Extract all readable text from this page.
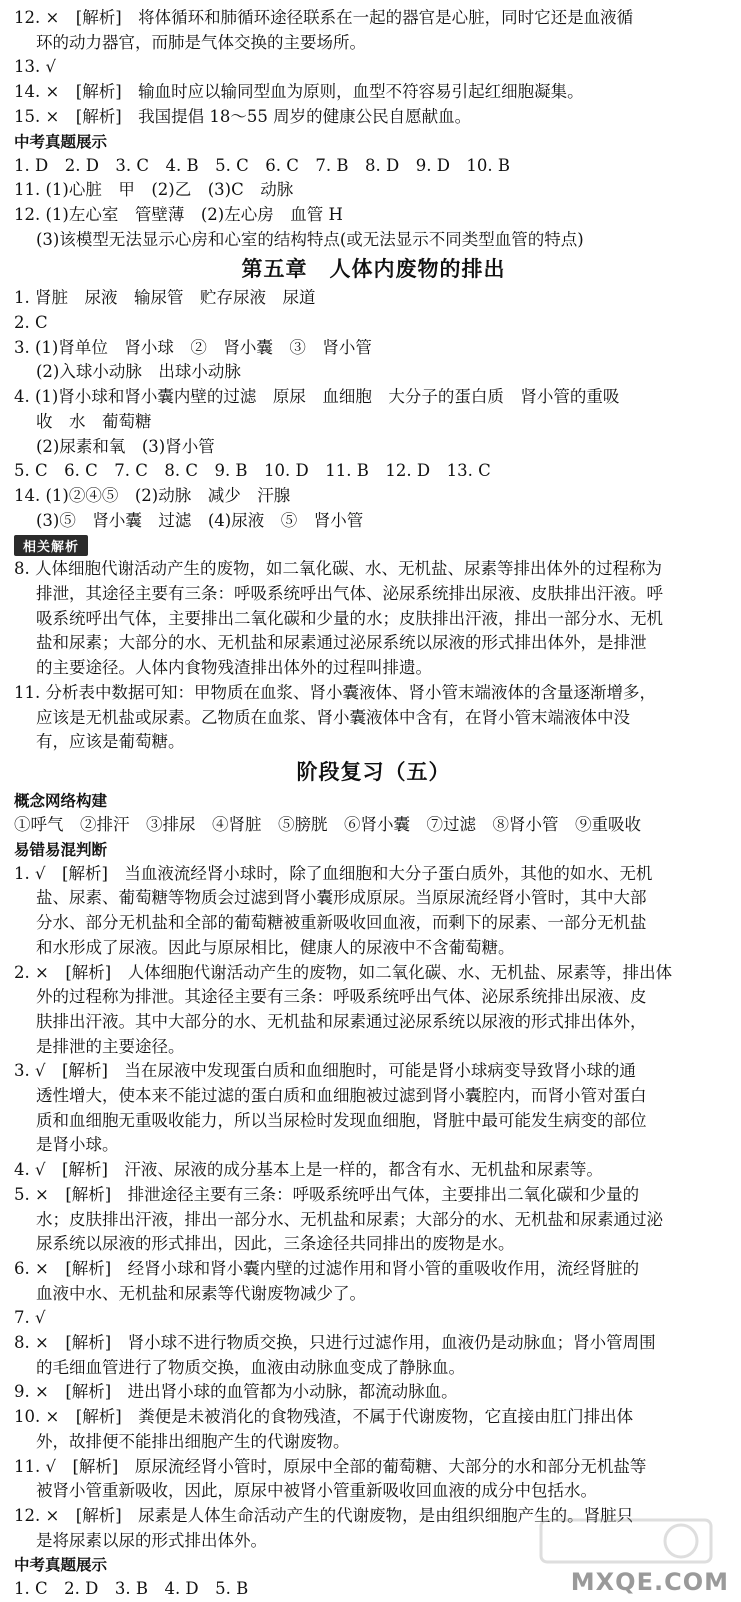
12. ×　[解析]　将体循环和肺循环途径联系在一起的器官是心脏，同时它还是血液循
环的动力器官，而肺是气体交换的主要场所。
13. √
14. ×　[解析]　输血时应以输同型血为原则，血型不符容易引起红细胞凝集。
15. ×　[解析]　我国提倡 18～55 周岁的健康公民自愿献血。
中考真题展示
1. D　2. D　3. C　4. B　5. C　6. C　7. B　8. D　9. D　10. B
11. (1)心脏　甲　(2)乙　(3)C　动脉
12. (1)左心室　管壁薄　(2)左心房　血管 H
(3)该模型无法显示心房和心室的结构特点(或无法显示不同类型血管的特点)
第五章　人体内废物的排出
1. 肾脏　尿液　输尿管　贮存尿液　尿道
2. C
3. (1)肾单位　肾小球　②　肾小囊　③　肾小管
(2)入球小动脉　出球小动脉
4. (1)肾小球和肾小囊内壁的过滤　原尿　血细胞　大分子的蛋白质　肾小管的重吸
收　水　葡萄糖
(2)尿素和氧　(3)肾小管
5. C　6. C　7. C　8. C　9. B　10. D　11. B　12. D　13. C
14. (1)②④⑤　(2)动脉　减少　汗腺
(3)⑤　肾小囊　过滤　(4)尿液　⑤　肾小管
相关解析
8. 人体细胞代谢活动产生的废物，如二氧化碳、水、无机盐、尿素等排出体外的过程称为
排泄，其途径主要有三条：呼吸系统呼出气体、泌尿系统排出尿液、皮肤排出汗液。呼
吸系统呼出气体，主要排出二氧化碳和少量的水；皮肤排出汗液，排出一部分水、无机
盐和尿素；大部分的水、无机盐和尿素通过泌尿系统以尿液的形式排出体外，是排泄
的主要途径。人体内食物残渣排出体外的过程叫排遗。
11. 分析表中数据可知：甲物质在血浆、肾小囊液体、肾小管末端液体的含量逐渐增多，
应该是无机盐或尿素。乙物质在血浆、肾小囊液体中含有，在肾小管末端液体中没
有，应该是葡萄糖。
阶段复习（五）
概念网络构建
①呼气　②排汗　③排尿　④肾脏　⑤膀胱　⑥肾小囊　⑦过滤　⑧肾小管　⑨重吸收
易错易混判断
1. √　[解析]　当血液流经肾小球时，除了血细胞和大分子蛋白质外，其他的如水、无机
盐、尿素、葡萄糖等物质会过滤到肾小囊形成原尿。当原尿流经肾小管时，其中大部
分水、部分无机盐和全部的葡萄糖被重新吸收回血液，而剩下的尿素、一部分无机盐
和水形成了尿液。因此与原尿相比，健康人的尿液中不含葡萄糖。
2. ×　[解析]　人体细胞代谢活动产生的废物，如二氧化碳、水、无机盐、尿素等，排出体
外的过程称为排泄。其途径主要有三条：呼吸系统呼出气体、泌尿系统排出尿液、皮
肤排出汗液。其中大部分的水、无机盐和尿素通过泌尿系统以尿液的形式排出体外，
是排泄的主要途径。
3. √　[解析]　当在尿液中发现蛋白质和血细胞时，可能是肾小球病变导致肾小球的通
透性增大，使本来不能过滤的蛋白质和血细胞被过滤到肾小囊腔内，而肾小管对蛋白
质和血细胞无重吸收能力，所以当尿检时发现血细胞，肾脏中最可能发生病变的部位
是肾小球。
4. √　[解析]　汗液、尿液的成分基本上是一样的，都含有水、无机盐和尿素等。
5. ×　[解析]　排泄途径主要有三条：呼吸系统呼出气体，主要排出二氧化碳和少量的
水；皮肤排出汗液，排出一部分水、无机盐和尿素；大部分的水、无机盐和尿素通过泌
尿系统以尿液的形式排出，因此，三条途径共同排出的废物是水。
6. ×　[解析]　经肾小球和肾小囊内壁的过滤作用和肾小管的重吸收作用，流经肾脏的
血液中水、无机盐和尿素等代谢废物减少了。
7. √
8. ×　[解析]　肾小球不进行物质交换，只进行过滤作用，血液仍是动脉血；肾小管周围
的毛细血管进行了物质交换，血液由动脉血变成了静脉血。
9. ×　[解析]　进出肾小球的血管都为小动脉，都流动脉血。
10. ×　[解析]　粪便是未被消化的食物残渣，不属于代谢废物，它直接由肛门排出体
外，故排便不能排出细胞产生的代谢废物。
11. √　[解析]　原尿流经肾小管时，原尿中全部的葡萄糖、大部分的水和部分无机盐等
被肾小管重新吸收，因此，原尿中被肾小管重新吸收回血液的成分中包括水。
12. ×　[解析]　尿素是人体生命活动产生的代谢废物，是由组织细胞产生的。肾脏只
是将尿素以尿的形式排出体外。
中考真题展示
1. C　2. D　3. B　4. D　5. B	MXQE.COM
